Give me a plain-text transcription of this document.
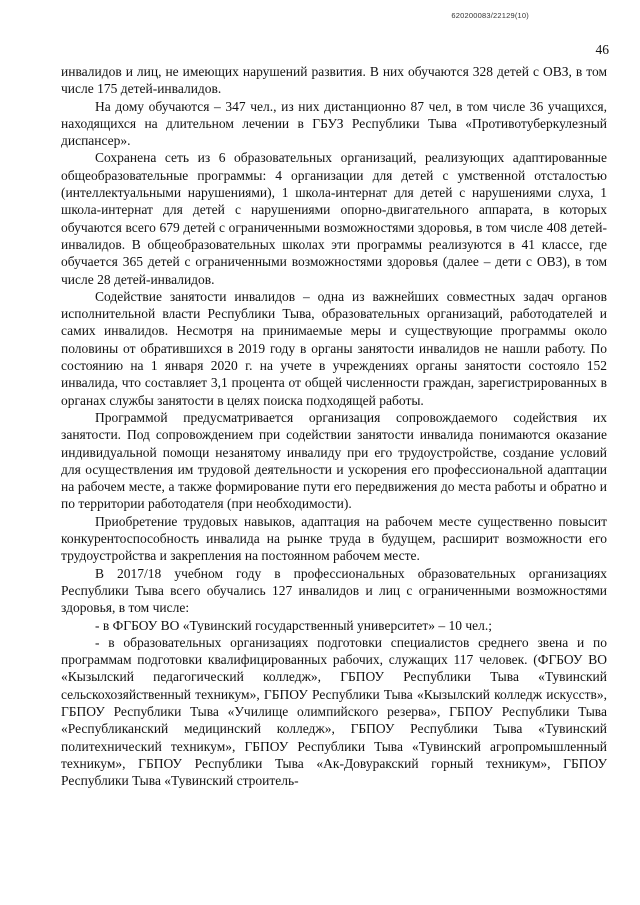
620200083/22129(10)
46

инвалидов и лиц, не имеющих нарушений развития. В них обучаются 328 детей с ОВЗ, в том числе 175 детей-инвалидов.

На дому обучаются – 347 чел., из них дистанционно 87 чел, в том числе 36 учащихся, находящихся на длительном лечении в ГБУЗ Республики Тыва «Противотуберкулезный диспансер».

Сохранена сеть из 6 образовательных организаций, реализующих адаптированные общеобразовательные программы: 4 организации для детей с умственной отсталостью (интеллектуальными нарушениями), 1 школа-интернат для детей с нарушениями слуха, 1 школа-интернат для детей с нарушениями опорно-двигательного аппарата, в которых обучаются всего 679 детей с ограниченными возможностями здоровья, в том числе 408 детей-инвалидов. В общеобразовательных школах эти программы реализуются в 41 классе, где обучается 365 детей с ограниченными возможностями здоровья (далее – дети с ОВЗ), в том числе 28 детей-инвалидов.

Содействие занятости инвалидов – одна из важнейших совместных задач органов исполнительной власти Республики Тыва, образовательных организаций, работодателей и самих инвалидов. Несмотря на принимаемые меры и существующие программы около половины от обратившихся в 2019 году в органы занятости инвалидов не нашли работу. По состоянию на 1 января 2020 г. на учете в учреждениях органы занятости состояло 152 инвалида, что составляет 3,1 процента от общей численности граждан, зарегистрированных в органах службы занятости в целях поиска подходящей работы.

Программой предусматривается организация сопровождаемого содействия их занятости. Под сопровождением при содействии занятости инвалида понимаются оказание индивидуальной помощи незанятому инвалиду при его трудоустройстве, создание условий для осуществления им трудовой деятельности и ускорения его профессиональной адаптации на рабочем месте, а также формирование пути его передвижения до места работы и обратно и по территории работодателя (при необходимости).

Приобретение трудовых навыков, адаптация на рабочем месте существенно повысит конкурентоспособность инвалида на рынке труда в будущем, расширит возможности его трудоустройства и закрепления на постоянном рабочем месте.

В 2017/18 учебном году в профессиональных образовательных организациях Республики Тыва всего обучались 127 инвалидов и лиц с ограниченными возможностями здоровья, в том числе:

- в ФГБОУ ВО «Тувинский государственный университет» – 10 чел.;

- в образовательных организациях подготовки специалистов среднего звена и по программам подготовки квалифицированных рабочих, служащих 117 человек. (ФГБОУ ВО «Кызылский педагогический колледж», ГБПОУ Республики Тыва «Тувинский сельскохозяйственный техникум», ГБПОУ Республики Тыва «Кызылский колледж искусств», ГБПОУ Республики Тыва «Училище олимпийского резерва», ГБПОУ Республики Тыва «Республиканский медицинский колледж», ГБПОУ Республики Тыва «Тувинский политехнический техникум», ГБПОУ Республики Тыва «Тувинский агропромышленный техникум», ГБПОУ Республики Тыва «Ак-Довуракский горный техникум», ГБПОУ Республики Тыва «Тувинский строитель-
